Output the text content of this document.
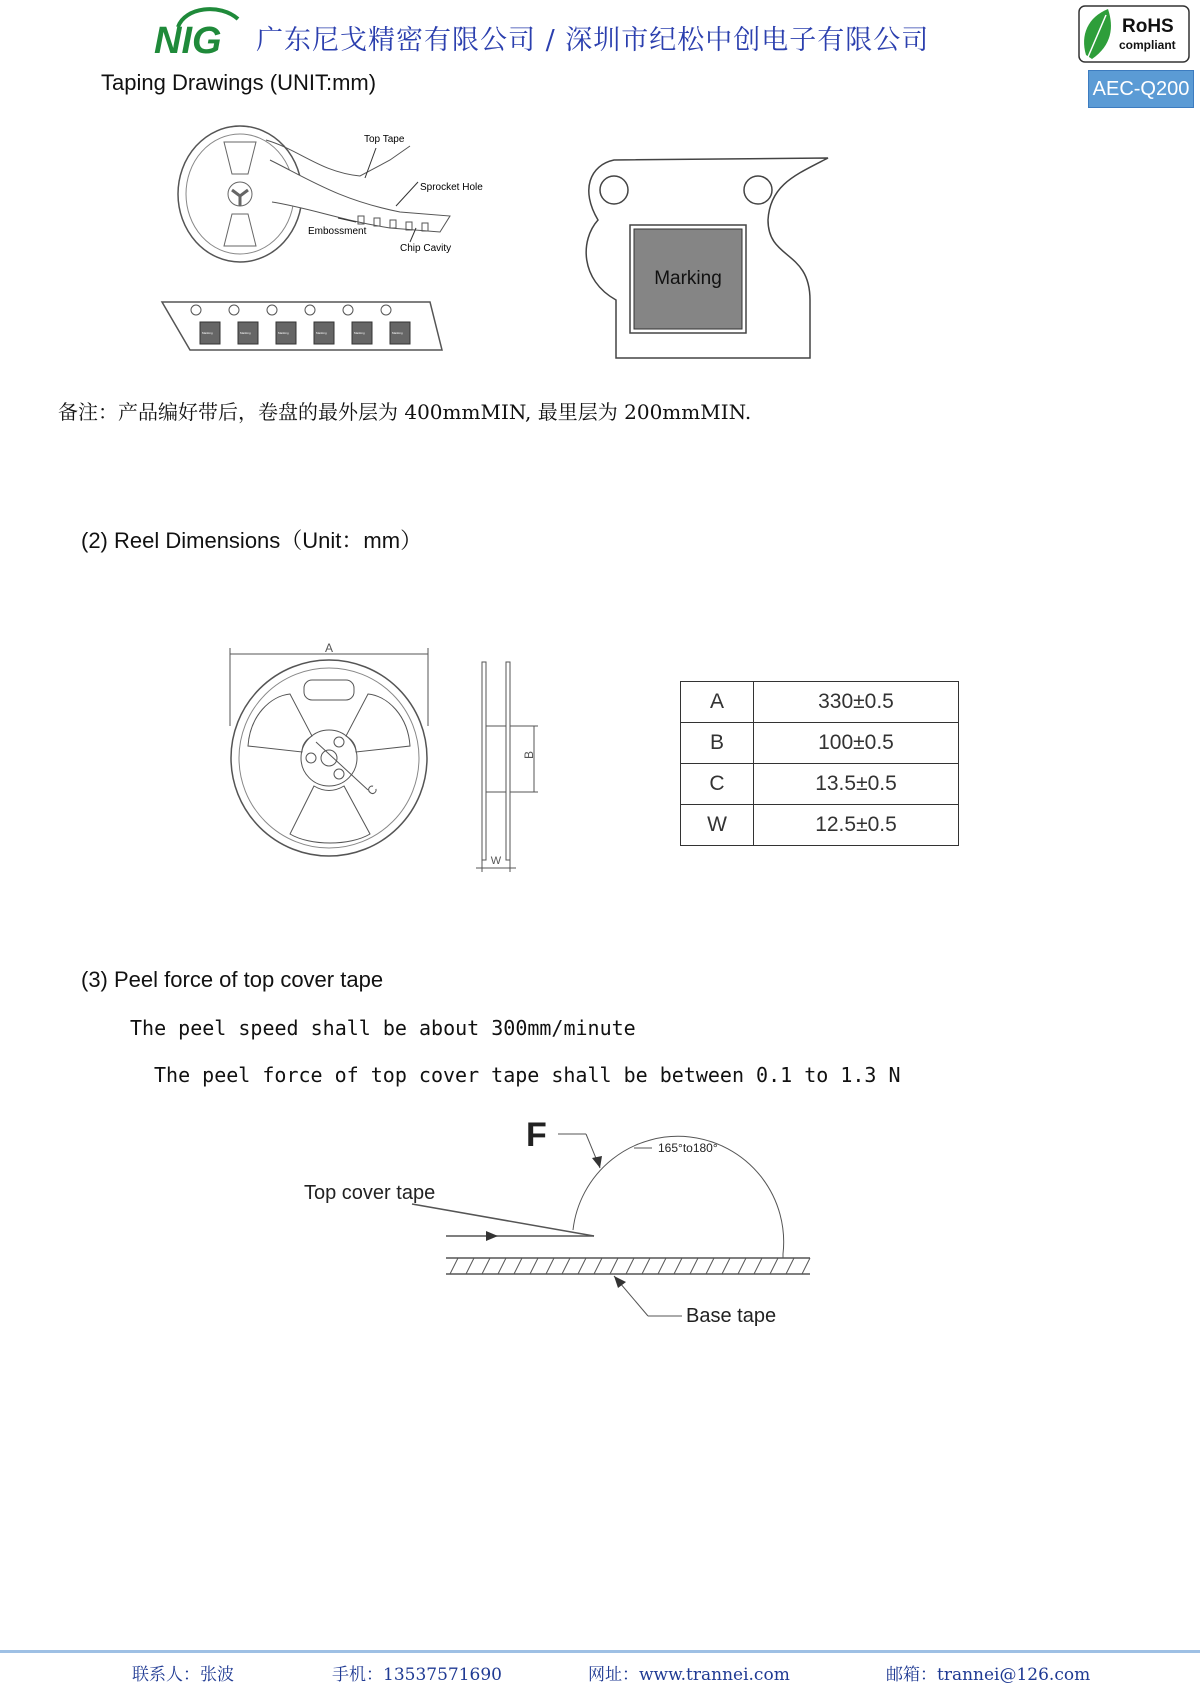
NIG 广东尼戈精密有限公司 / 深圳市纪松中创电子有限公司	RoHS
compliant
AEC-Q200
Taping Drawings (UNIT:mm)
Top Tape
Sprocket Hole
Embossment
Chip Cavity
Marking	Marking	Marking	Marking	Marking	Marking
Marking
备注：产品编好带后，卷盘的最外层为 400mmMIN, 最里层为 200mmMIN.
(2) Reel Dimensions（Unit：mm）
A
C
B
W
A	330±0.5
B	100±0.5
C	13.5±0.5
W	12.5±0.5
(3) Peel force of top cover tape
The peel speed shall be about 300mm/minute
The peel force of top cover tape shall be between 0.1 to 1.3 N
F	165°to180°
Top cover tape
Base tape
联系人：张波	手机：13537571690	网址：www.trannei.com	邮箱：trannei@126.com
